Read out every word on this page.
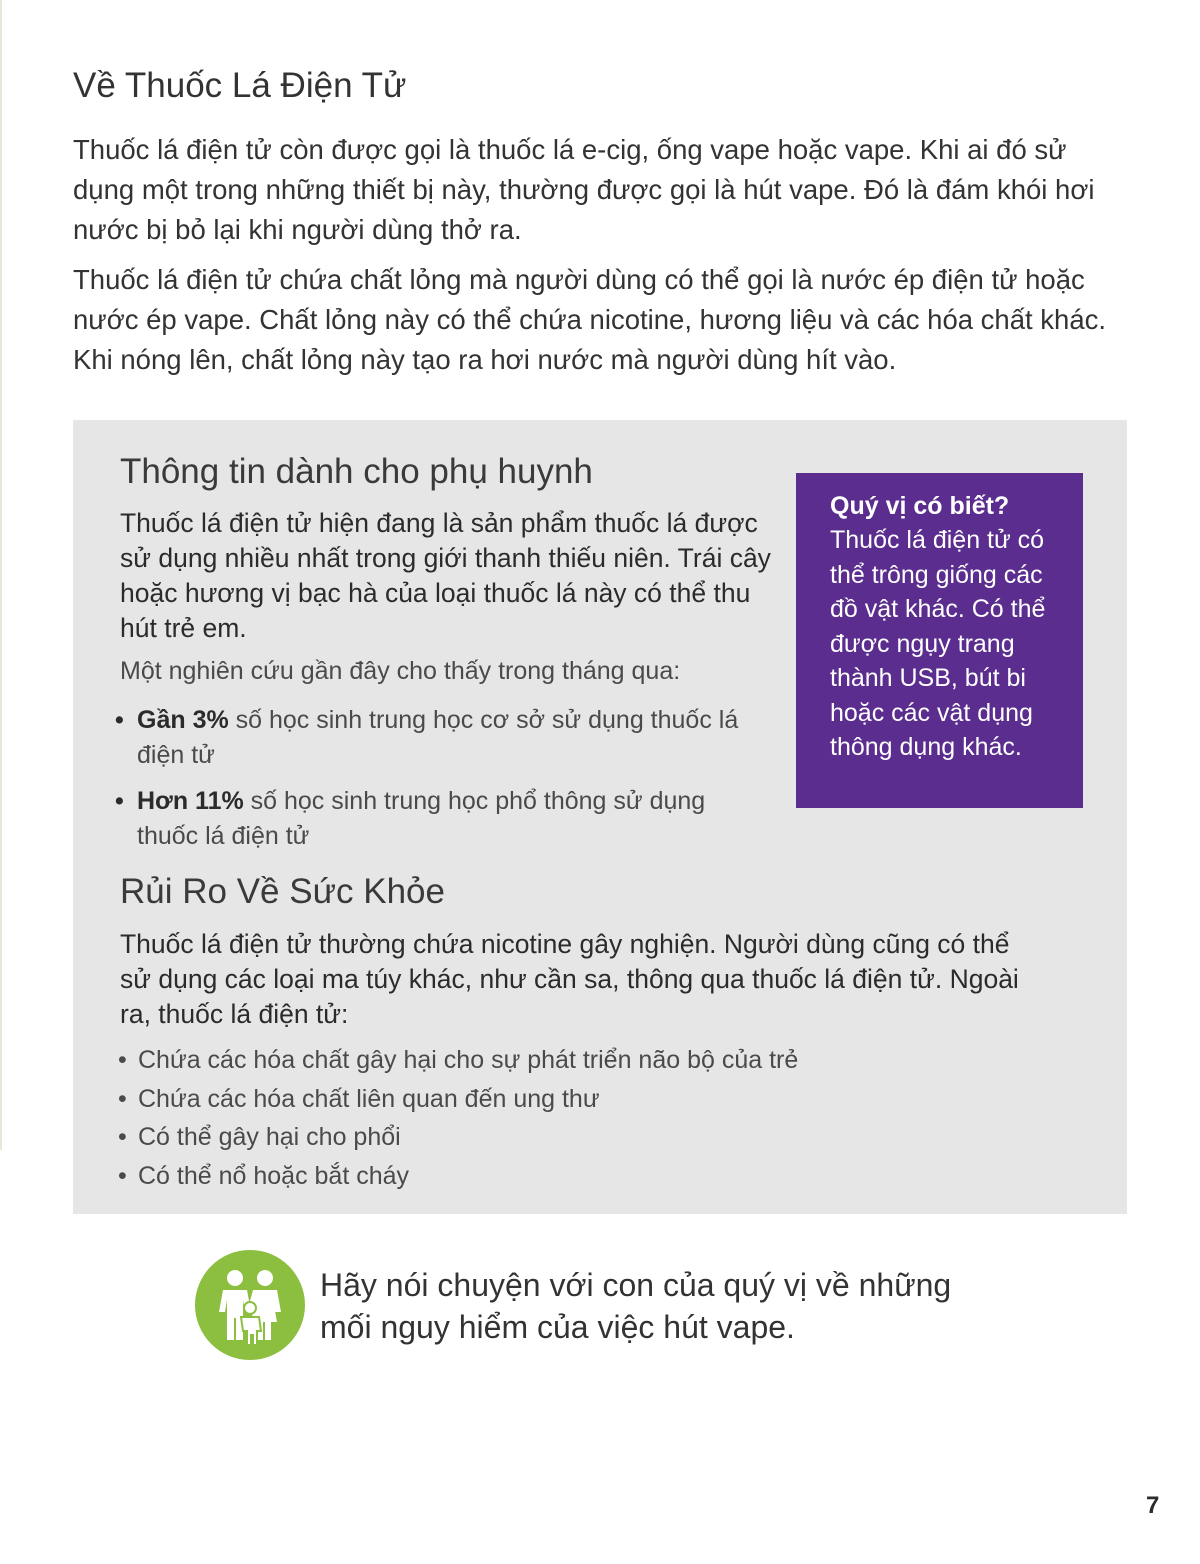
Về Thuốc Lá Điện Tử

Thuốc lá điện tử còn được gọi là thuốc lá e-cig, ống vape hoặc vape. Khi ai đó sử dụng một trong những thiết bị này, thường được gọi là hút vape. Đó là đám khói hơi nước bị bỏ lại khi người dùng thở ra.

Thuốc lá điện tử chứa chất lỏng mà người dùng có thể gọi là nước ép điện tử hoặc nước ép vape. Chất lỏng này có thể chứa nicotine, hương liệu và các hóa chất khác. Khi nóng lên, chất lỏng này tạo ra hơi nước mà người dùng hít vào.

Thông tin dành cho phụ huynh

Thuốc lá điện tử hiện đang là sản phẩm thuốc lá được sử dụng nhiều nhất trong giới thanh thiếu niên. Trái cây hoặc hương vị bạc hà của loại thuốc lá này có thể thu hút trẻ em.

Một nghiên cứu gần đây cho thấy trong tháng qua:

• Gần 3% số học sinh trung học cơ sở sử dụng thuốc lá điện tử
• Hơn 11% số học sinh trung học phổ thông sử dụng thuốc lá điện tử

Quý vị có biết?

Thuốc lá điện tử có thể trông giống các đồ vật khác. Có thể được ngụy trang thành USB, bút bi hoặc các vật dụng thông dụng khác.

Rủi Ro Về Sức Khỏe

Thuốc lá điện tử thường chứa nicotine gây nghiện. Người dùng cũng có thể sử dụng các loại ma túy khác, như cần sa, thông qua thuốc lá điện tử. Ngoài ra, thuốc lá điện tử:

• Chứa các hóa chất gây hại cho sự phát triển não bộ của trẻ
• Chứa các hóa chất liên quan đến ung thư
• Có thể gây hại cho phổi
• Có thể nổ hoặc bắt cháy

Hãy nói chuyện với con của quý vị về những
mối nguy hiểm của việc hút vape.

7
